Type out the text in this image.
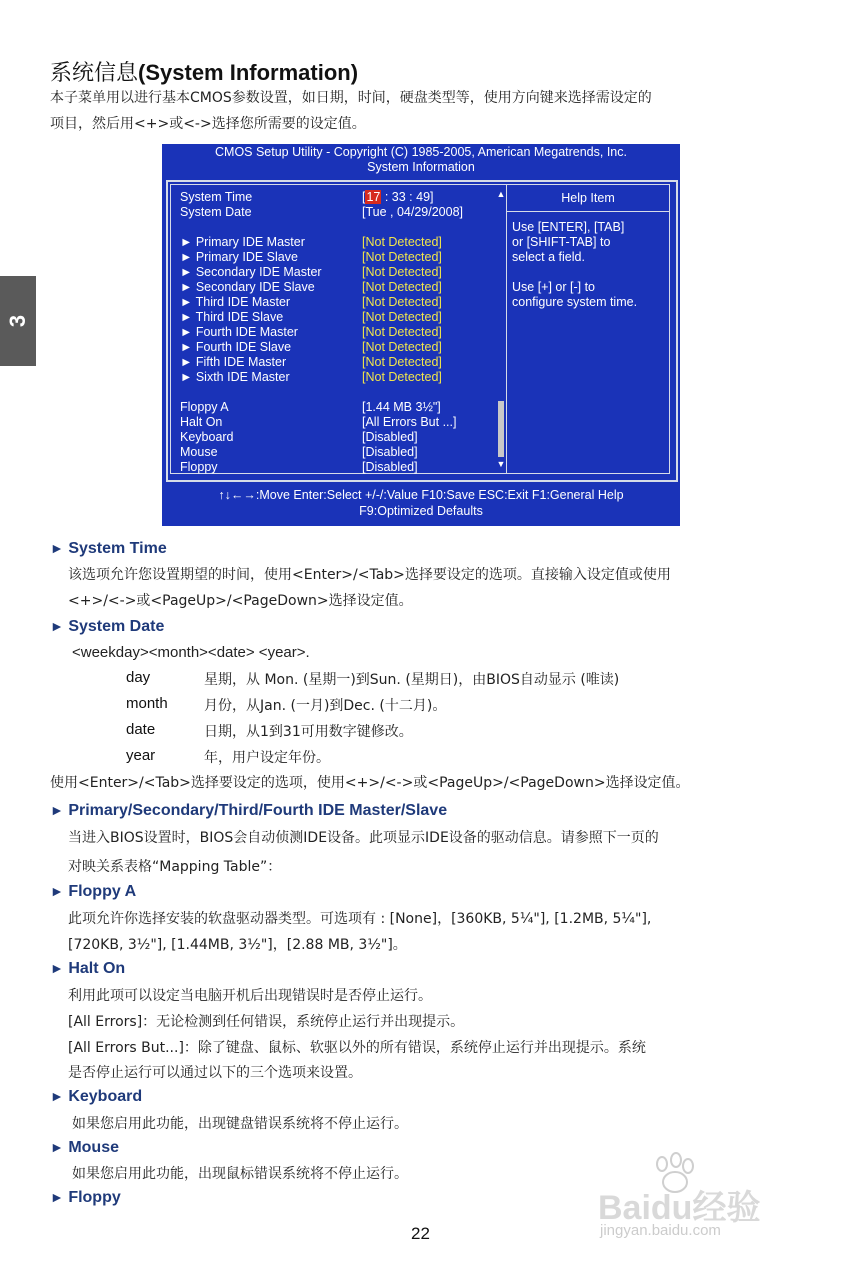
3
系统信息(System Information)
本子菜单用以进行基本CMOS参数设置，如日期，时间，硬盘类型等，使用方向键来选择需设定的
项目，然后用<+>或<->选择您所需要的设定值。
CMOS Setup Utility - Copyright (C) 1985-2005, American Megatrends, Inc.
System Information
System Time	[17 : 33 : 49]
System Date	[Tue , 04/29/2008]
► Primary IDE Master	[Not Detected]
► Primary IDE Slave	[Not Detected]
► Secondary IDE Master	[Not Detected]
► Secondary IDE Slave	[Not Detected]
► Third IDE Master	[Not Detected]
► Third IDE Slave	[Not Detected]
► Fourth IDE Master	[Not Detected]
► Fourth IDE Slave	[Not Detected]
► Fifth IDE Master	[Not Detected]
► Sixth IDE Master	[Not Detected]
Floppy A	[1.44 MB 3½"]
Halt On	[All Errors But ...]
Keyboard	[Disabled]
Mouse	[Disabled]
Floppy	[Disabled]
▲
▼
Help Item
Use [ENTER], [TAB]
or [SHIFT-TAB] to
select a field.
Use [+] or [-] to
configure system time.
↑↓←→:Move Enter:Select +/-/:Value F10:Save ESC:Exit F1:General Help
F9:Optimized Defaults
► System Time
该选项允许您设置期望的时间，使用<Enter>/<Tab>选择要设定的选项。直接输入设定值或使用
<+>/<->或<PageUp>/<PageDown>选择设定值。
► System Date
<weekday><month><date> <year>.
day	星期，从 Mon. (星期一)到Sun. (星期日)，由BIOS自动显示 (唯读)
month	月份，从Jan. (一月)到Dec. (十二月)。
date	日期，从1到31可用数字键修改。
year	年，用户设定年份。
使用<Enter>/<Tab>选择要设定的选项，使用<+>/<->或<PageUp>/<PageDown>选择设定值。
► Primary/Secondary/Third/Fourth IDE Master/Slave
当进入BIOS设置时，BIOS会自动侦测IDE设备。此项显示IDE设备的驱动信息。请参照下一页的
对映关系表格“Mapping Table”：
► Floppy A
此项允许你选择安装的软盘驱动器类型。可选项有 : [None]，[360KB, 5¼"], [1.2MB, 5¼"],
[720KB, 3½"], [1.44MB, 3½"]，[2.88 MB, 3½"]。
► Halt On
利用此项可以设定当电脑开机后出现错误时是否停止运行。
[All Errors]：无论检测到任何错误，系统停止运行并出现提示。
[All Errors But...]：除了键盘、鼠标、软驱以外的所有错误，系统停止运行并出现提示。系统
是否停止运行可以通过以下的三个选项来设置。
► Keyboard
如果您启用此功能，出现键盘错误系统将不停止运行。
► Mouse
如果您启用此功能，出现鼠标错误系统将不停止运行。
► Floppy	Baidu经验
jingyan.baidu.com
22
